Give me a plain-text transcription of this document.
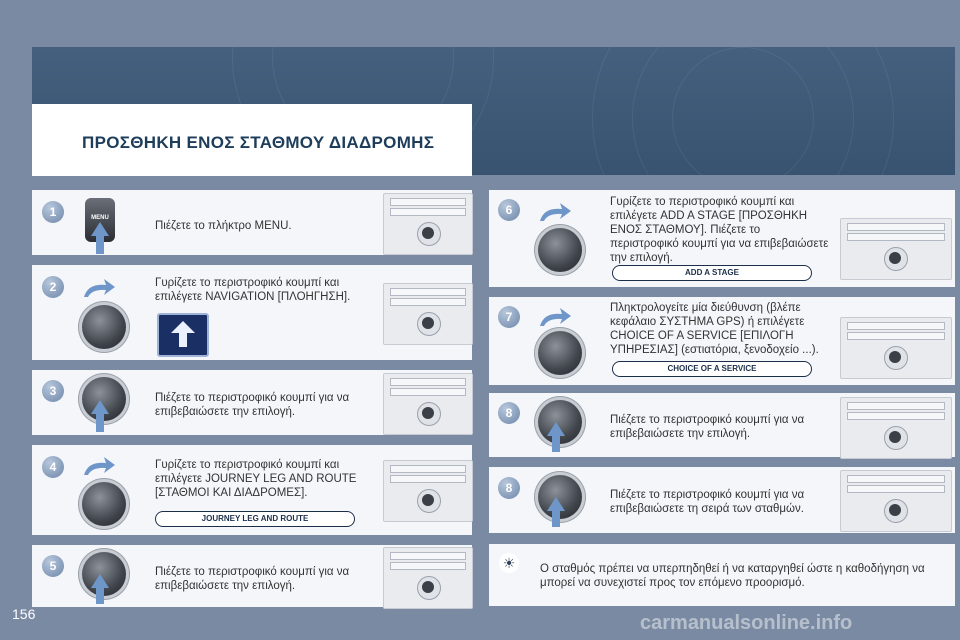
ΠΡΟΣΘΗΚΗ ΕΝΟΣ ΣΤΑΘΜΟΥ ΔΙΑΔΡΟΜΗΣ
1	MENU
Πιέζετε το πλήκτρο MENU.
2	Γυρίζετε το περιστροφικό κουμπί και επιλέγετε NAVIGATION [ΠΛΟΗΓΗΣΗ].
3	Πιέζετε το περιστροφικό κουμπί για να επιβεβαιώσετε την επιλογή.
4	Γυρίζετε το περιστροφικό κουμπί και επιλέγετε JOURNEY LEG AND ROUTE [ΣΤΑΘΜΟΙ ΚΑΙ ΔΙΑΔΡΟΜΕΣ].
JOURNEY LEG AND ROUTE
5	Πιέζετε το περιστροφικό κουμπί για να επιβεβαιώσετε την επιλογή.
6
Γυρίζετε το περιστροφικό κουμπί και επιλέγετε ADD A STAGE [ΠΡΟΣΘΗΚΗ ΕΝΟΣ ΣΤΑΘΜΟΥ]. Πιέζετε το περιστροφικό κουμπί για να επιβεβαιώσετε την επιλογή.
ADD A STAGE
7
Πληκτρολογείτε μία διεύθυνση (βλέπε κεφάλαιο ΣΥΣΤΗΜΑ GPS) ή επιλέγετε CHOICE OF A SERVICE [ΕΠΙΛΟΓΗ ΥΠΗΡΕΣΙΑΣ] (εστιατόρια, ξενοδοχείο ...).
CHOICE OF A SERVICE
8	Πιέζετε το περιστροφικό κουμπί για να επιβεβαιώσετε την επιλογή.
8	Πιέζετε το περιστροφικό κουμπί για να επιβεβαιώσετε τη σειρά των σταθμών.
☀	Ο σταθμός πρέπει να υπερπηδηθεί ή να καταργηθεί ώστε η καθοδήγηση να μπορεί να συνεχιστεί προς τον επόμενο προορισμό.
156	carmanualsonline.info
